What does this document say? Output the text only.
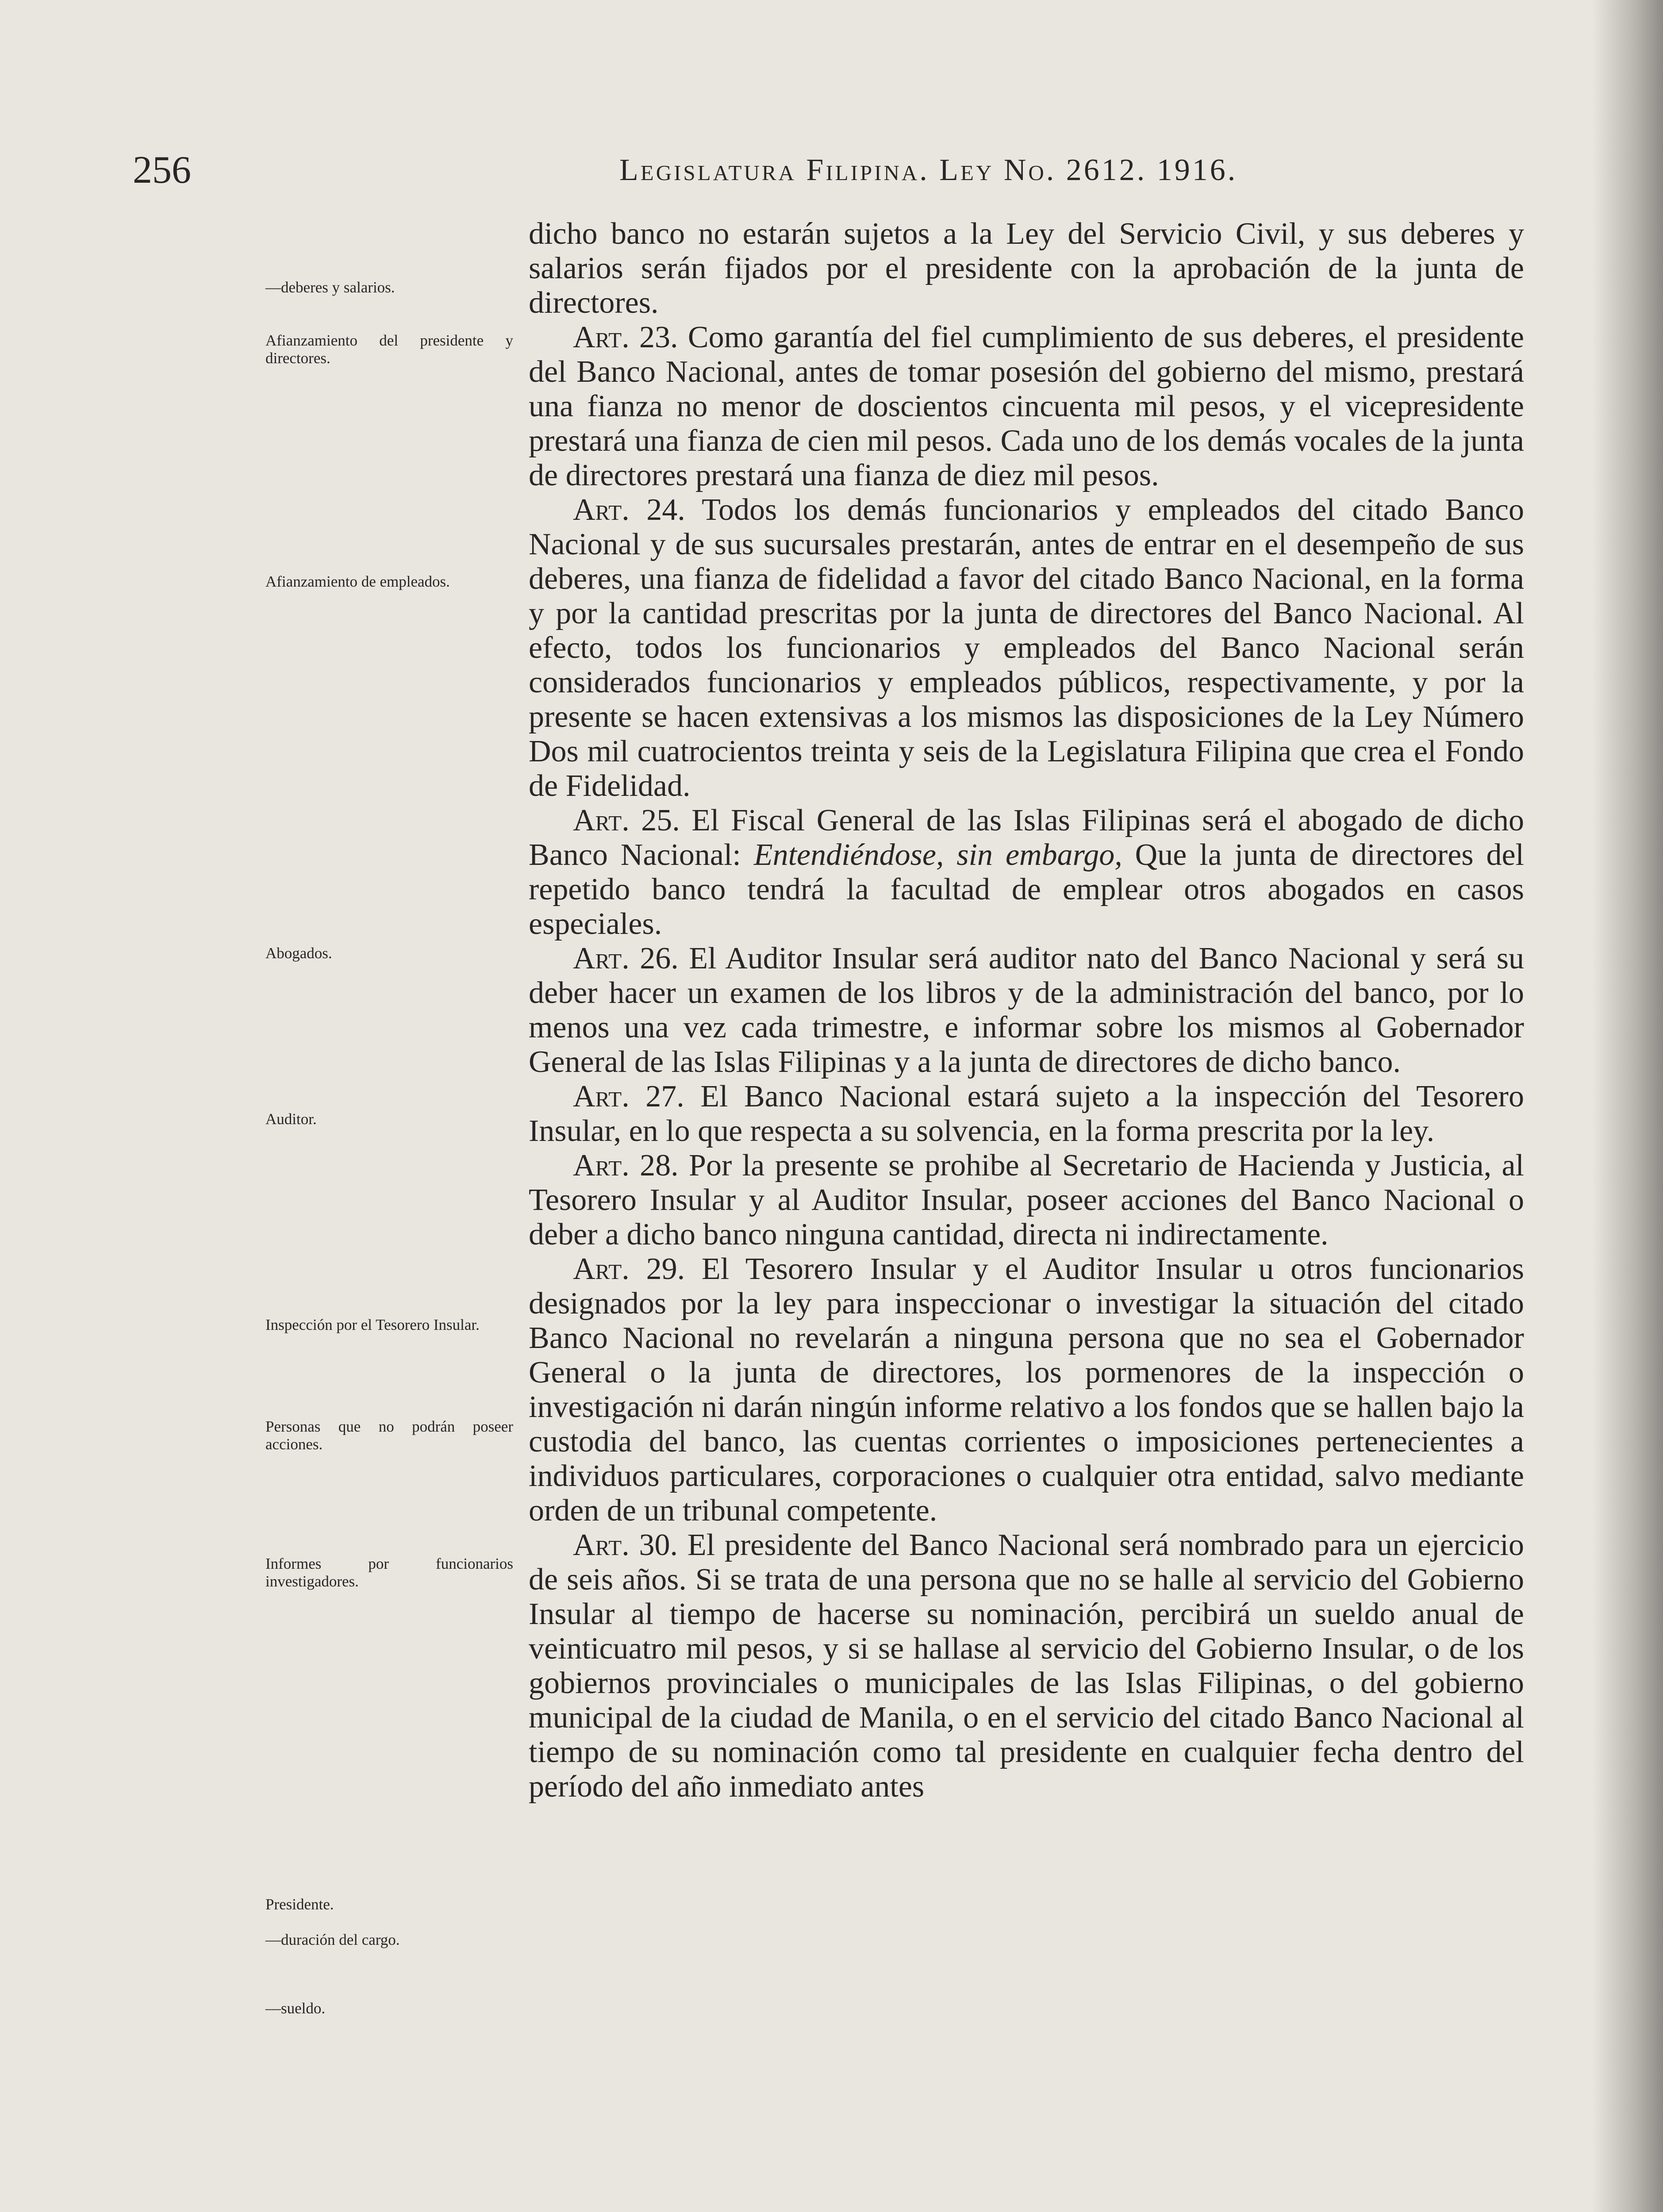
256	Legislatura Filipina. Ley No. 2612. 1916.
—deberes y salarios.
Afianzamiento del presidente y directores.
Afianzamiento de empleados.
Abogados.
Auditor.
Inspección por el Tesorero Insular.
Personas que no podrán poseer acciones.
Informes por funcionarios investigadores.
Presidente.
—duración del cargo.
—sueldo.

dicho banco no estarán sujetos a la Ley del Servicio Civil, y sus deberes y salarios serán fijados por el presidente con la aprobación de la junta de directores.

Art. 23. Como garantía del fiel cumplimiento de sus deberes, el presidente del Banco Nacional, antes de tomar posesión del gobierno del mismo, prestará una fianza no menor de doscientos cincuenta mil pesos, y el vicepresidente prestará una fianza de cien mil pesos. Cada uno de los demás vocales de la junta de directores prestará una fianza de diez mil pesos.

Art. 24. Todos los demás funcionarios y empleados del citado Banco Nacional y de sus sucursales prestarán, antes de entrar en el desempeño de sus deberes, una fianza de fidelidad a favor del citado Banco Nacional, en la forma y por la cantidad prescritas por la junta de directores del Banco Nacional. Al efecto, todos los funcionarios y empleados del Banco Nacional serán considerados funcionarios y empleados públicos, respectivamente, y por la presente se hacen extensivas a los mismos las disposiciones de la Ley Número Dos mil cuatrocientos treinta y seis de la Legislatura Filipina que crea el Fondo de Fidelidad.

Art. 25. El Fiscal General de las Islas Filipinas será el abogado de dicho Banco Nacional: Entendiéndose, sin embargo, Que la junta de directores del repetido banco tendrá la facultad de emplear otros abogados en casos especiales.

Art. 26. El Auditor Insular será auditor nato del Banco Nacional y será su deber hacer un examen de los libros y de la administración del banco, por lo menos una vez cada trimestre, e informar sobre los mismos al Gobernador General de las Islas Filipinas y a la junta de directores de dicho banco.

Art. 27. El Banco Nacional estará sujeto a la inspección del Tesorero Insular, en lo que respecta a su solvencia, en la forma prescrita por la ley.

Art. 28. Por la presente se prohibe al Secretario de Hacienda y Justicia, al Tesorero Insular y al Auditor Insular, poseer acciones del Banco Nacional o deber a dicho banco ninguna cantidad, directa ni indirectamente.

Art. 29. El Tesorero Insular y el Auditor Insular u otros funcionarios designados por la ley para inspeccionar o investigar la situación del citado Banco Nacional no revelarán a ninguna persona que no sea el Gobernador General o la junta de directores, los pormenores de la inspección o investigación ni darán ningún informe relativo a los fondos que se hallen bajo la custodia del banco, las cuentas corrientes o imposiciones pertenecientes a individuos particulares, corporaciones o cualquier otra entidad, salvo mediante orden de un tribunal competente.

Art. 30. El presidente del Banco Nacional será nombrado para un ejercicio de seis años. Si se trata de una persona que no se halle al servicio del Gobierno Insular al tiempo de hacerse su nominación, percibirá un sueldo anual de veinticuatro mil pesos, y si se hallase al servicio del Gobierno Insular, o de los gobiernos provinciales o municipales de las Islas Filipinas, o del gobierno municipal de la ciudad de Manila, o en el servicio del citado Banco Nacional al tiempo de su nominación como tal presidente en cualquier fecha dentro del período del año inmediato antes
